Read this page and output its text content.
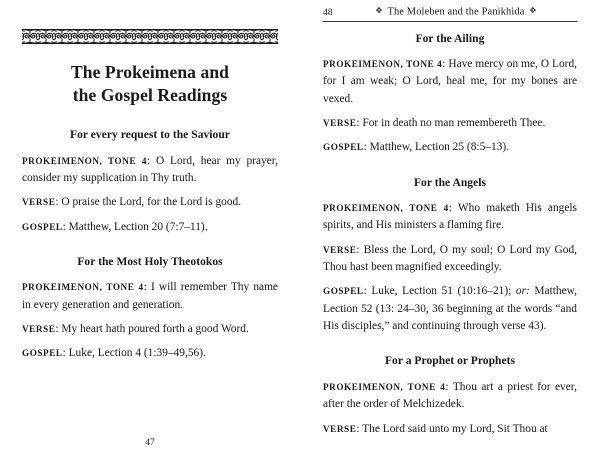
The Prokeimena and
the Gospel Readings
For every request to the Saviour

PROKEIMENON, TONE 4: O Lord, hear my prayer, consider my supplication in Thy truth.

VERSE: O praise the Lord, for the Lord is good.

GOSPEL: Matthew, Lection 20 (7:7–11).

For the Most Holy Theotokos

PROKEIMENON, TONE 4: I will remember Thy name in every generation and generation.

VERSE: My heart hath poured forth a good Word.

GOSPEL: Luke, Lection 4 (1:39–49,56).

47
48	✥ The Moleben and the Panikhida ✥
For the Ailing

PROKEIMENON, TONE 4: Have mercy on me, O Lord, for I am weak; O Lord, heal me, for my bones are vexed.

VERSE: For in death no man remembereth Thee.

GOSPEL: Matthew, Lection 25 (8:5–13).

For the Angels

PROKEIMENON, TONE 4: Who maketh His angels spirits, and His ministers a flaming fire.

VERSE: Bless the Lord, O my soul; O Lord my God, Thou hast been magnified exceedingly.

GOSPEL: Luke, Lection 51 (10:16–21); or: Matthew, Lection 52 (13: 24–30, 36 beginning at the words “and His disciples,” and continuing through verse 43).

For a Prophet or Prophets

PROKEIMENON, TONE 4: Thou art a priest for ever, after the order of Melchizedek.

VERSE: The Lord said unto my Lord, Sit Thou at
